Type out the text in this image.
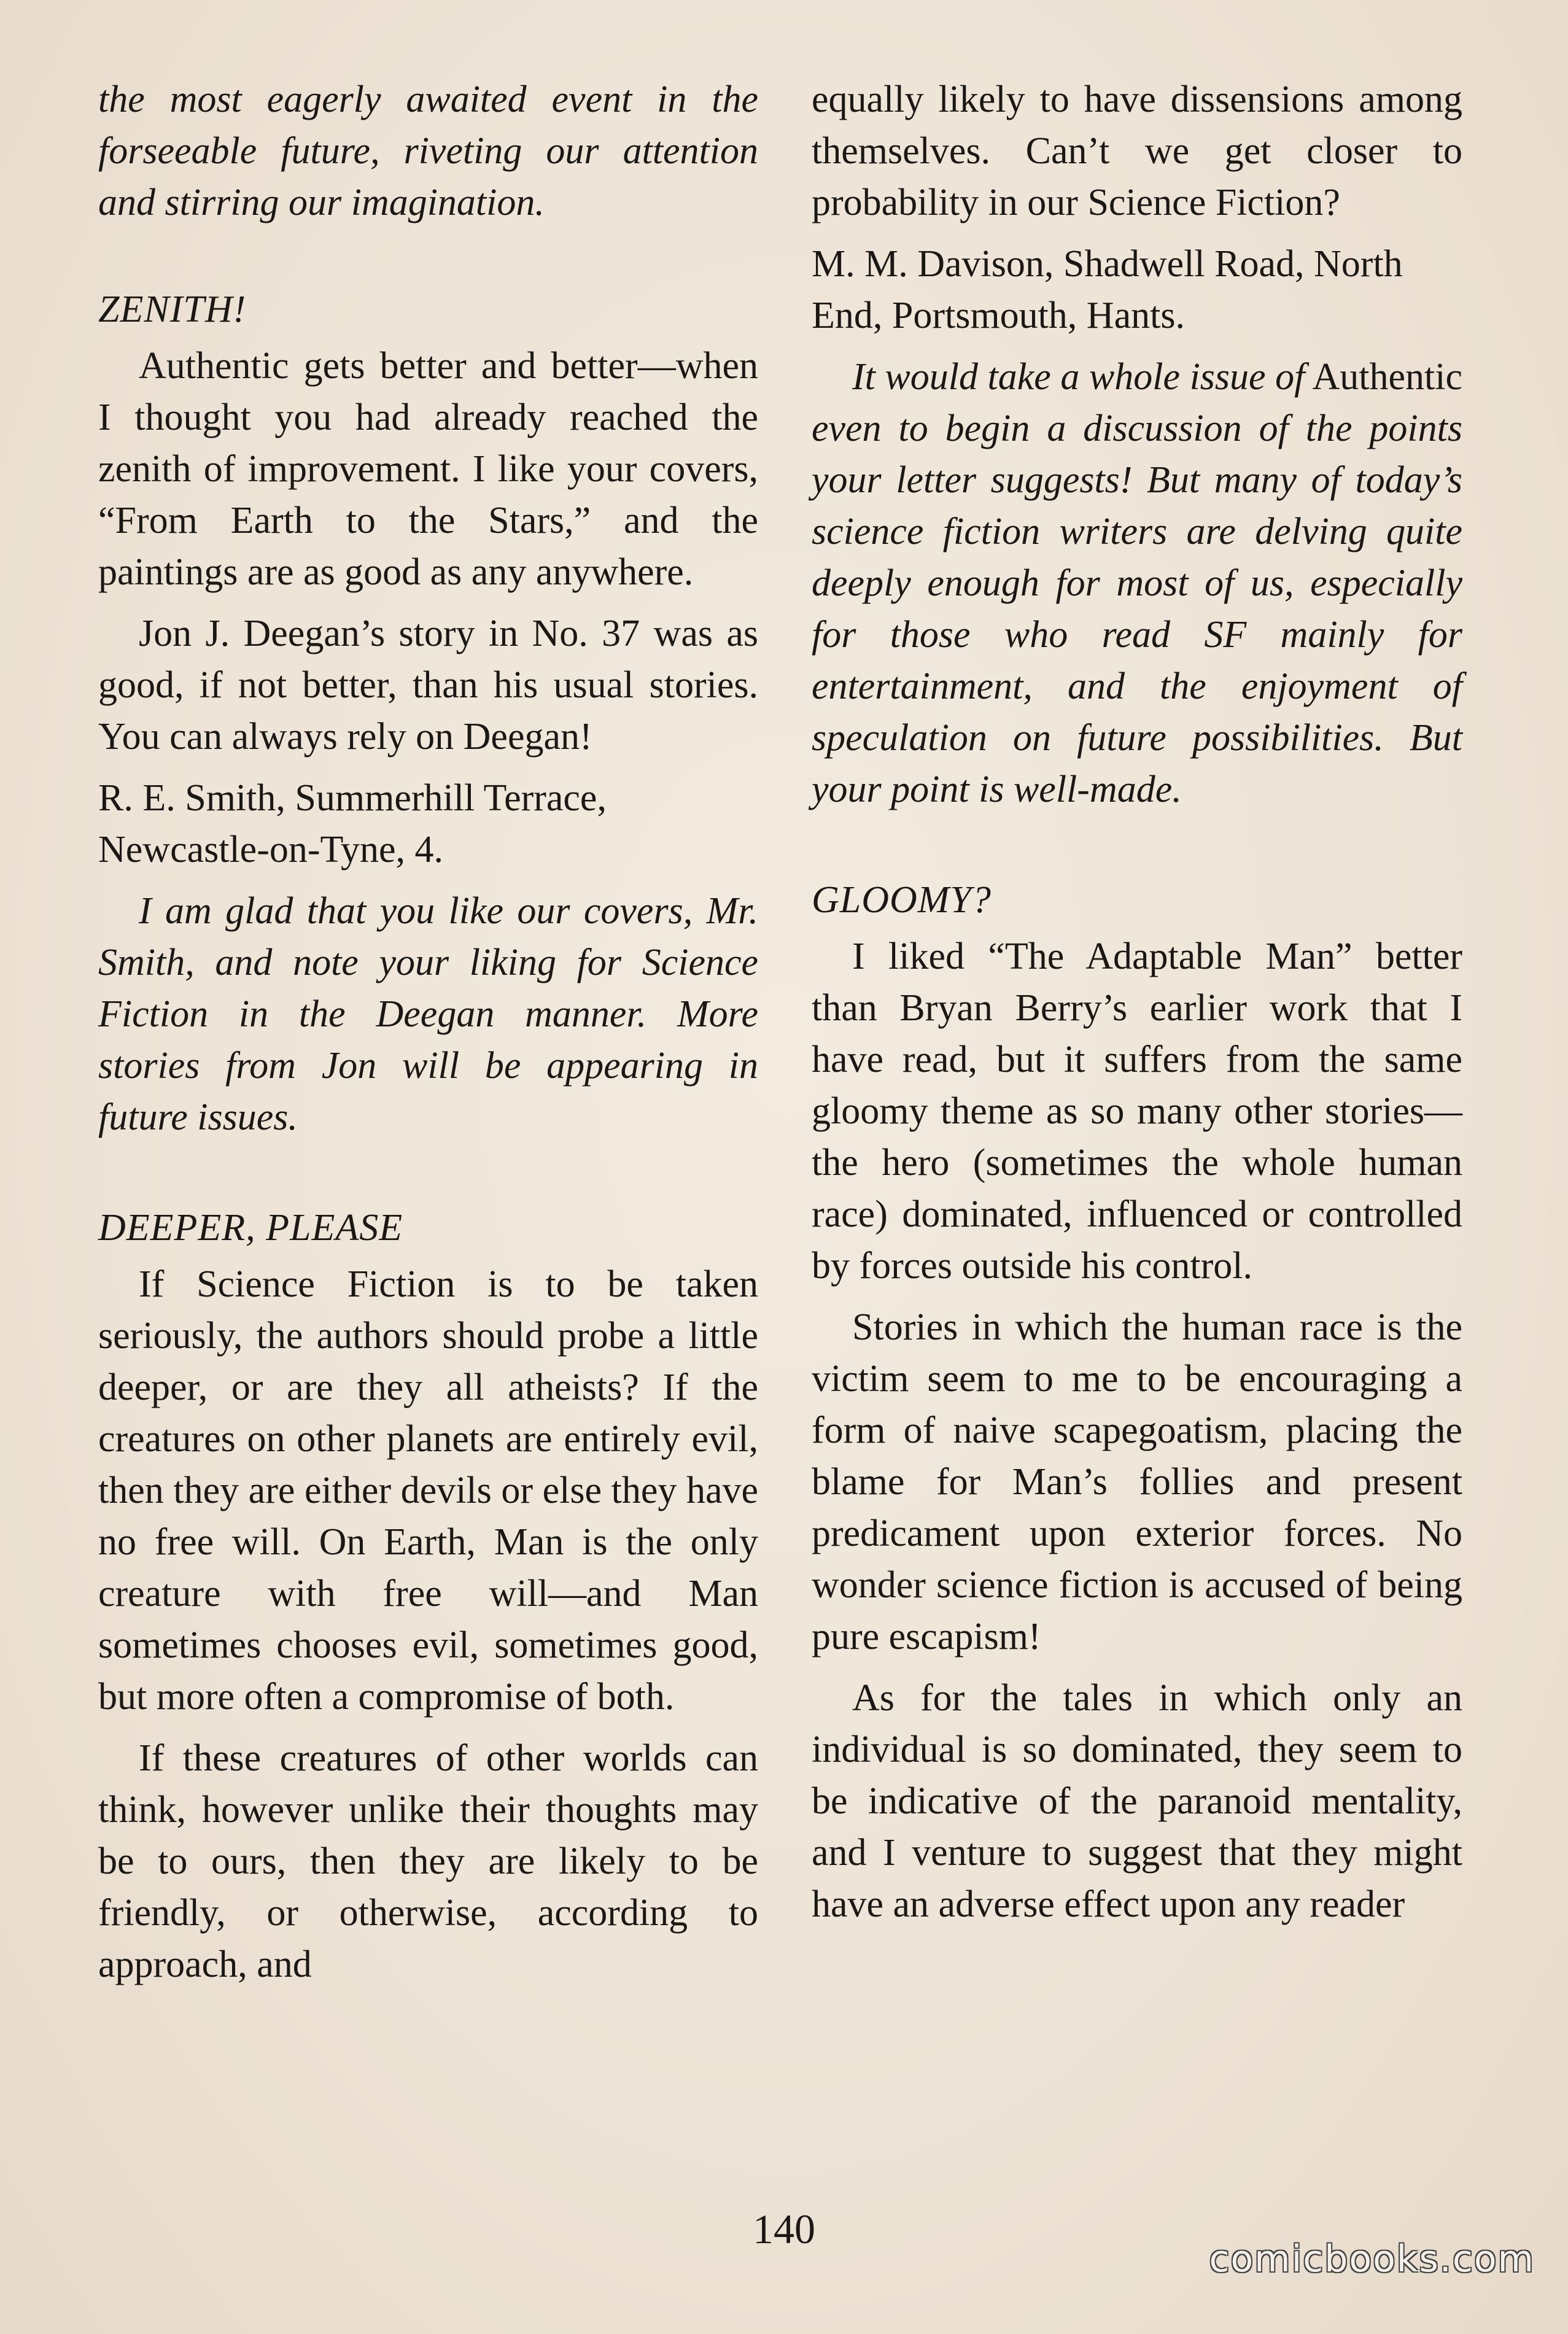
the most eagerly awaited event in the forseeable future, riveting our attention and stirring our imagination.

ZENITH!

Authentic gets better and better—when I thought you had already reached the zenith of improvement. I like your covers, “From Earth to the Stars,” and the paintings are as good as any anywhere.

Jon J. Deegan’s story in No. 37 was as good, if not better, than his usual stories. You can always rely on Deegan!

R. E. Smith, Summerhill Terrace, Newcastle-on-Tyne, 4.

I am glad that you like our covers, Mr. Smith, and note your liking for Science Fiction in the Deegan manner. More stories from Jon will be appearing in future issues.

DEEPER, PLEASE

If Science Fiction is to be taken seriously, the authors should probe a little deeper, or are they all atheists? If the creatures on other planets are entirely evil, then they are either devils or else they have no free will. On Earth, Man is the only creature with free will—and Man sometimes chooses evil, sometimes good, but more often a compromise of both.

If these creatures of other worlds can think, however unlike their thoughts may be to ours, then they are likely to be friendly, or otherwise, according to approach, and

equally likely to have dissensions among themselves. Can’t we get closer to probability in our Science Fiction?

M. M. Davison, Shadwell Road, North End, Portsmouth, Hants.

It would take a whole issue of Authentic even to begin a discussion of the points your letter suggests! But many of today’s science fiction writers are delving quite deeply enough for most of us, especially for those who read SF mainly for entertainment, and the enjoyment of speculation on future possibilities. But your point is well-made.

GLOOMY?

I liked “The Adaptable Man” better than Bryan Berry’s earlier work that I have read, but it suffers from the same gloomy theme as so many other stories—the hero (sometimes the whole human race) dominated, influenced or controlled by forces outside his control.

Stories in which the human race is the victim seem to me to be encouraging a form of naive scapegoatism, placing the blame for Man’s follies and present predicament upon exterior forces. No wonder science fiction is accused of being pure escapism!

As for the tales in which only an individual is so dominated, they seem to be indicative of the paranoid mentality, and I venture to suggest that they might have an adverse effect upon any reader

140
comicbooks.com
